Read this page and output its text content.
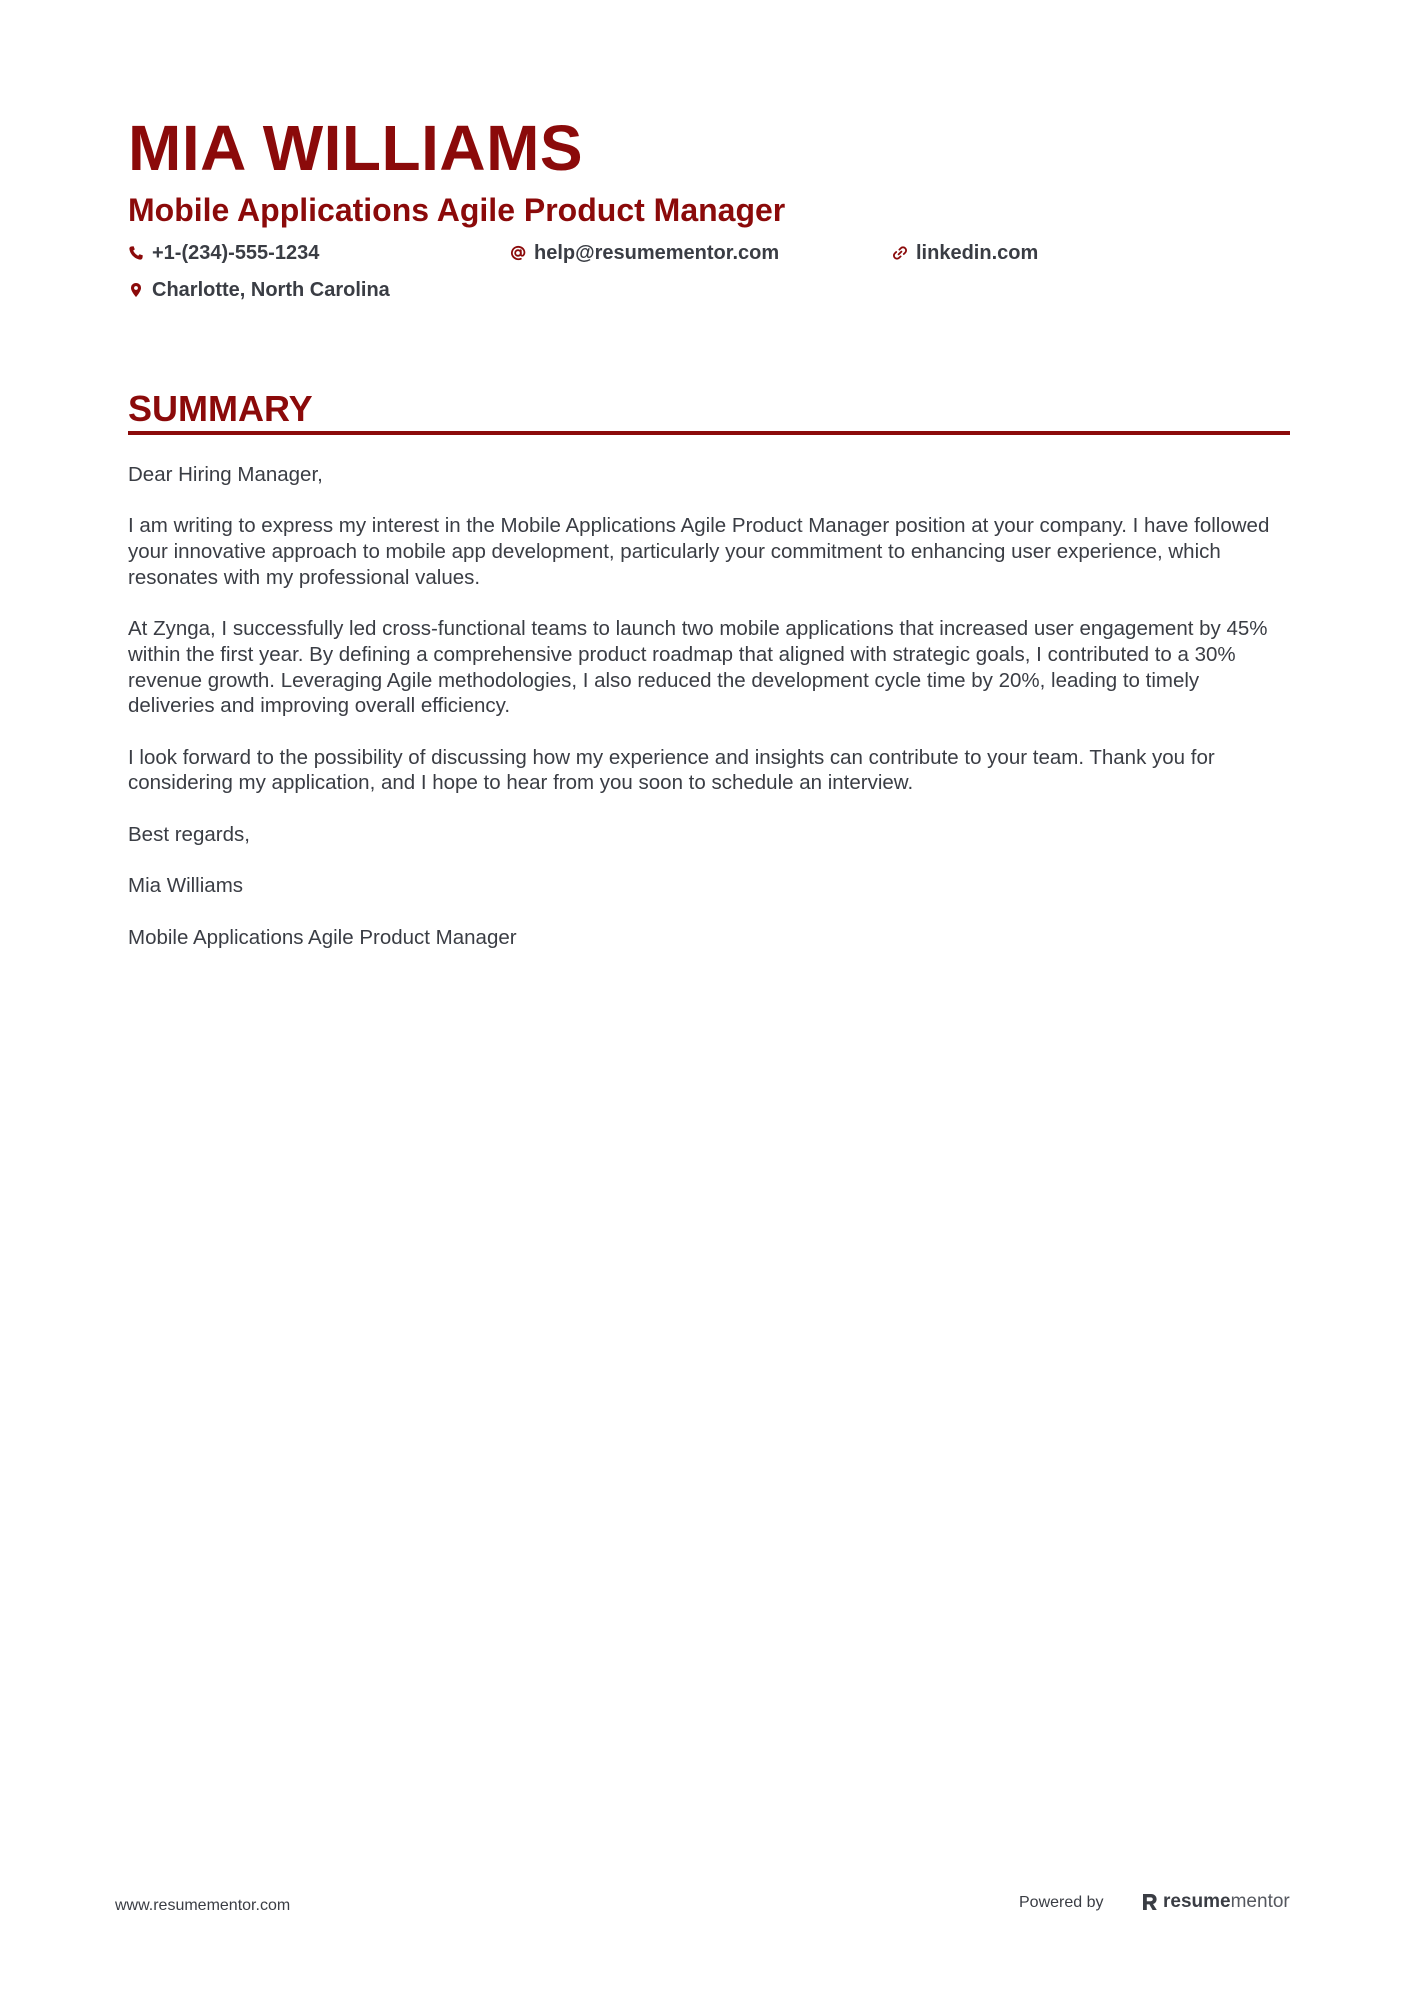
MIA WILLIAMS
Mobile Applications Agile Product Manager
+1-(234)-555-1234	help@resumementor.com	linkedin.com
Charlotte, North Carolina
SUMMARY

Dear Hiring Manager,

I am writing to express my interest in the Mobile Applications Agile Product Manager position at your company. I have followed your innovative approach to mobile app development, particularly your commitment to enhancing user experience, which resonates with my professional values.

At Zynga, I successfully led cross-functional teams to launch two mobile applications that increased user engagement by 45% within the first year. By defining a comprehensive product roadmap that aligned with strategic goals, I contributed to a 30% revenue growth. Leveraging Agile methodologies, I also reduced the development cycle time by 20%, leading to timely deliveries and improving overall efficiency.

I look forward to the possibility of discussing how my experience and insights can contribute to your team. Thank you for considering my application, and I hope to hear from you soon to schedule an interview.

Best regards,

Mia Williams

Mobile Applications Agile Product Manager

www.resumementor.com	Powered by	resume mentor
